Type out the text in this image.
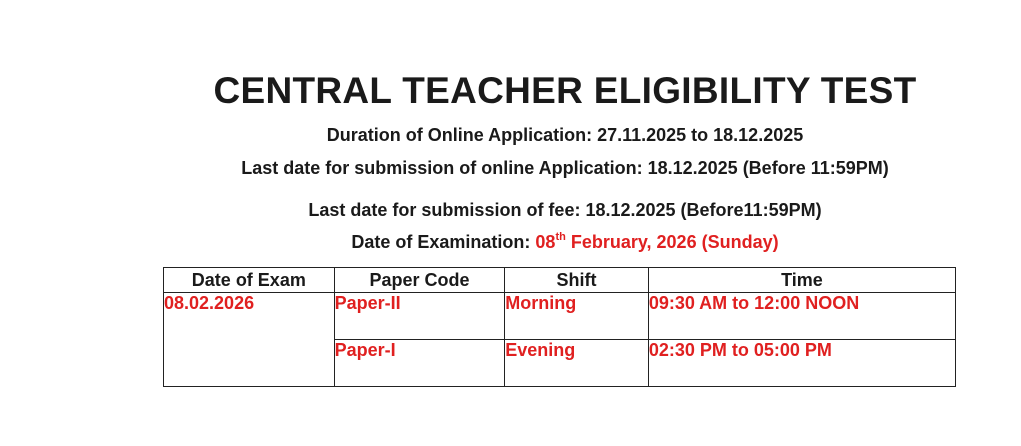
CENTRAL TEACHER ELIGIBILITY TEST
Duration of Online Application: 27.11.2025 to 18.12.2025
Last date for submission of online Application: 18.12.2025 (Before 11:59PM)
Last date for submission of fee: 18.12.2025 (Before11:59PM)
Date of Examination: 08th February, 2026 (Sunday)
Date of Exam	Paper Code	Shift	Time
08.02.2026	Paper-II	Morning	09:30 AM to 12:00 NOON
	Paper-I	Evening	02:30 PM to 05:00 PM
